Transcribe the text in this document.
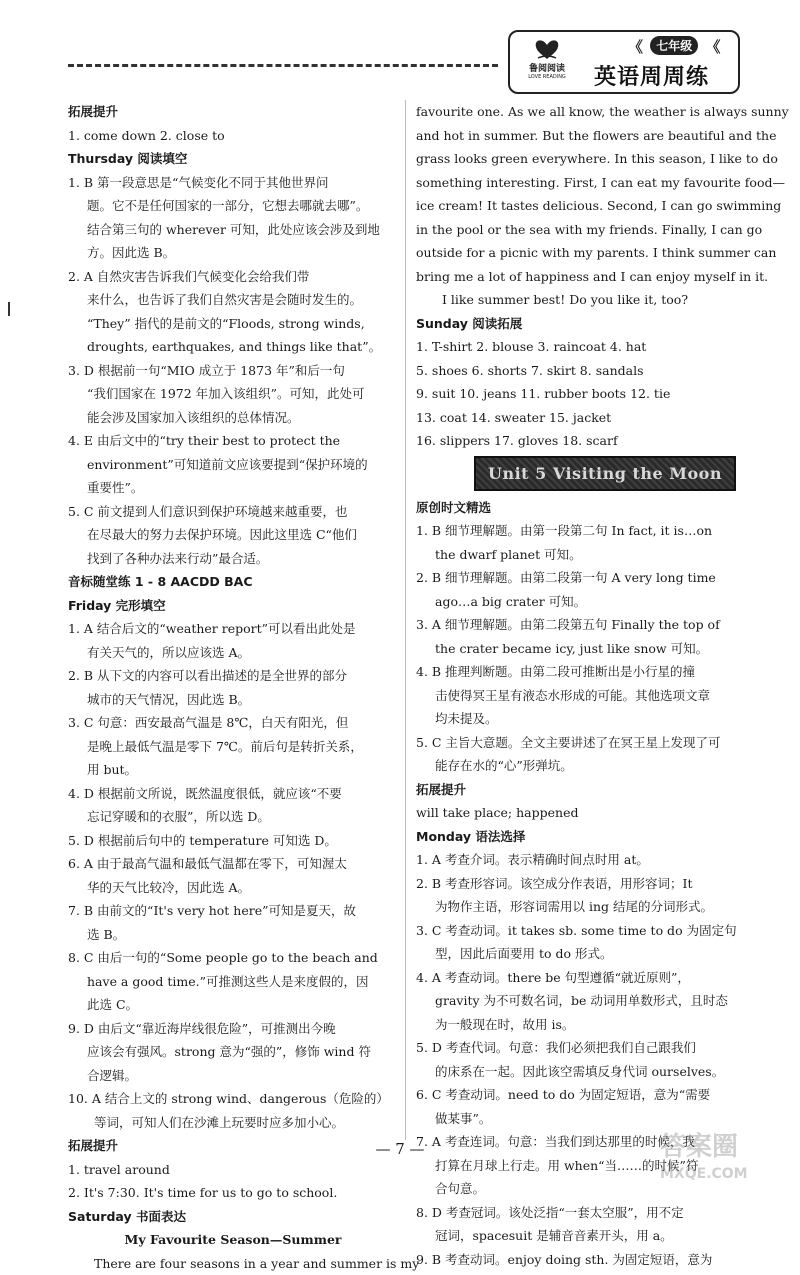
鲁阅阅读
LOVE READING
《 七年级 《
英语周周练
拓展提升
1. come down 2. close to
Thursday 阅读填空
1. B 第一段意思是“气候变化不同于其他世界问
题。它不是任何国家的一部分，它想去哪就去哪”。
结合第三句的 wherever 可知，此处应该会涉及到地
方。因此选 B。
2. A 自然灾害告诉我们气候变化会给我们带
来什么，也告诉了我们自然灾害是会随时发生的。
“They” 指代的是前文的“Floods, strong winds,
droughts, earthquakes, and things like that”。
3. D 根据前一句“MIO 成立于 1873 年”和后一句
“我们国家在 1972 年加入该组织”。可知，此处可
能会涉及国家加入该组织的总体情况。
4. E 由后文中的“try their best to protect the
environment”可知道前文应该要提到“保护环境的
重要性”。
5. C 前文提到人们意识到保护环境越来越重要，也
在尽最大的努力去保护环境。因此这里选 C“他们
找到了各种办法来行动”最合适。
音标随堂练 1 - 8 AACDD BAC
Friday 完形填空
1. A 结合后文的“weather report”可以看出此处是
有关天气的，所以应该选 A。
2. B 从下文的内容可以看出描述的是全世界的部分
城市的天气情况，因此选 B。
3. C 句意：西安最高气温是 8℃，白天有阳光，但
是晚上最低气温是零下 7℃。前后句是转折关系，
用 but。
4. D 根据前文所说，既然温度很低，就应该“不要
忘记穿暖和的衣服”，所以选 D。
5. D 根据前后句中的 temperature 可知选 D。
6. A 由于最高气温和最低气温都在零下，可知渥太
华的天气比较冷，因此选 A。
7. B 由前文的“It's very hot here”可知是夏天，故
选 B。
8. C 由后一句的“Some people go to the beach and
have a good time.”可推测这些人是来度假的，因
此选 C。
9. D 由后文“靠近海岸线很危险”，可推测出今晚
应该会有强风。strong 意为“强的”，修饰 wind 符
合逻辑。
10. A 结合上文的 strong wind、dangerous（危险的）
等词，可知人们在沙滩上玩要时应多加小心。
拓展提升
1. travel around
2. It's 7:30. It's time for us to go to school.
Saturday 书面表达
My Favourite Season—Summer
There are four seasons in a year and summer is my
favourite one. As we all know, the weather is always sunny
and hot in summer. But the flowers are beautiful and the
grass looks green everywhere. In this season, I like to do
something interesting. First, I can eat my favourite food—
ice cream! It tastes delicious. Second, I can go swimming
in the pool or the sea with my friends. Finally, I can go
outside for a picnic with my parents. I think summer can
bring me a lot of happiness and I can enjoy myself in it.
I like summer best! Do you like it, too?
Sunday 阅读拓展
1. T-shirt 2. blouse 3. raincoat 4. hat
5. shoes 6. shorts 7. skirt 8. sandals
9. suit 10. jeans 11. rubber boots 12. tie
13. coat 14. sweater 15. jacket
16. slippers 17. gloves 18. scarf
Unit 5 Visiting the Moon
原创时文精选
1. B 细节理解题。由第一段第二句 In fact, it is…on
the dwarf planet 可知。
2. B 细节理解题。由第二段第一句 A very long time
ago…a big crater 可知。
3. A 细节理解题。由第二段第五句 Finally the top of
the crater became icy, just like snow 可知。
4. B 推理判断题。由第二段可推断出是小行星的撞
击使得冥王星有液态水形成的可能。其他选项文章
均未提及。
5. C 主旨大意题。全文主要讲述了在冥王星上发现了可
能存在水的“心”形弹坑。
拓展提升
will take place; happened
Monday 语法选择
1. A 考查介词。表示精确时间点时用 at。
2. B 考查形容词。该空成分作表语，用形容词；It
为物作主语，形容词需用以 ing 结尾的分词形式。
3. C 考查动词。it takes sb. some time to do 为固定句
型，因此后面要用 to do 形式。
4. A 考查动词。there be 句型遵循“就近原则”，
gravity 为不可数名词，be 动词用单数形式，且时态
为一般现在时，故用 is。
5. D 考查代词。句意：我们必须把我们自己跟我们
的床系在一起。因此该空需填反身代词 ourselves。
6. C 考查动词。need to do 为固定短语，意为“需要
做某事”。
7. A 考查连词。句意：当我们到达那里的时候，我
打算在月球上行走。用 when“当……的时候”符
合句意。
8. D 考查冠词。该处泛指“一套太空服”，用不定
冠词，spacesuit 是辅音音素开头，用 a。
9. B 考查动词。enjoy doing sth. 为固定短语，意为
— 7 —	答案圈
MXQE.COM
